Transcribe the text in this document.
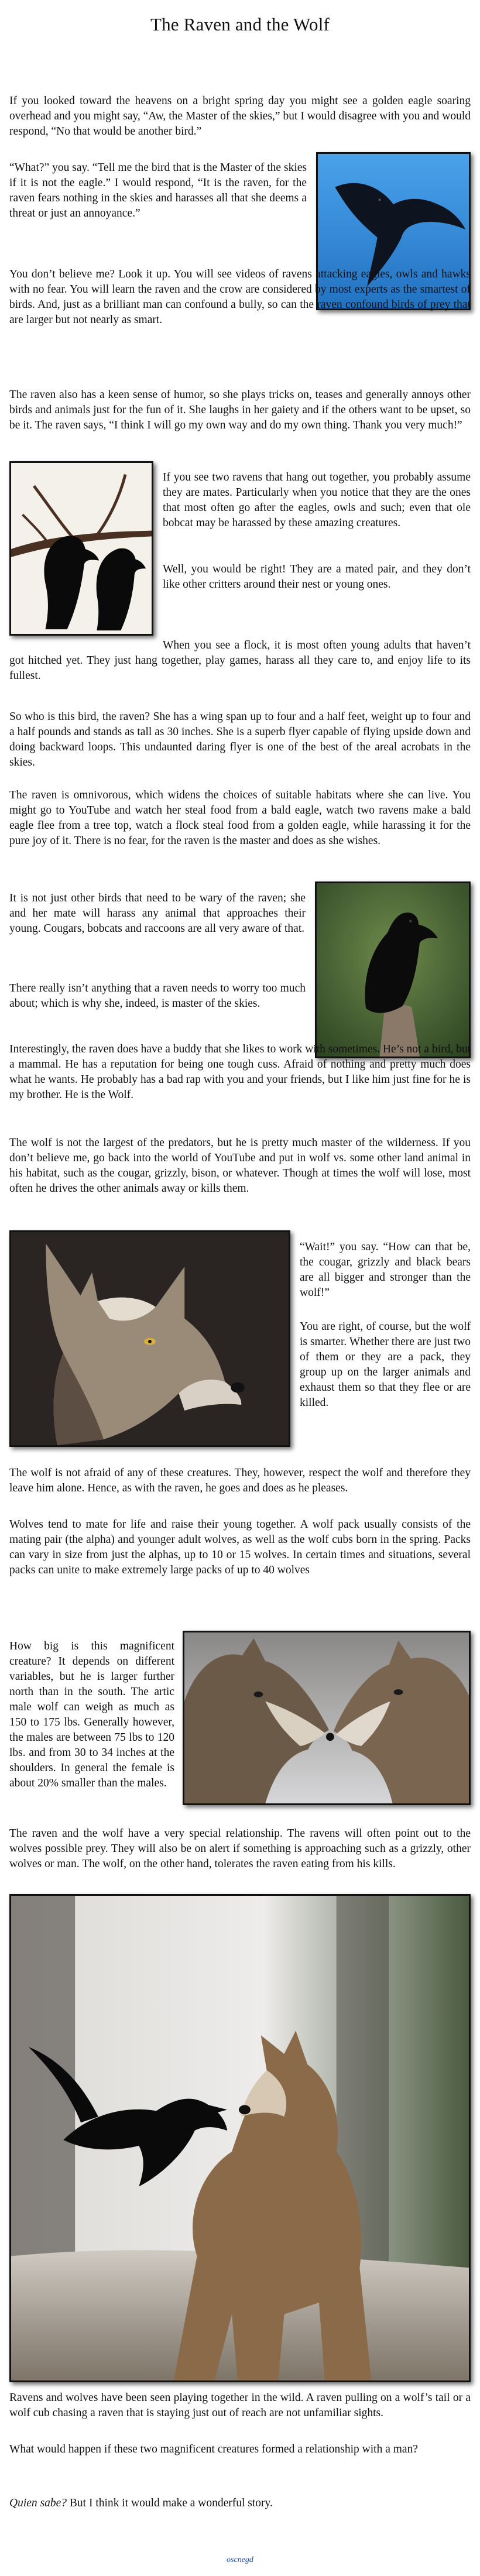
The Raven and the Wolf

If you looked toward the heavens on a bright spring day you might see a golden eagle soaring overhead and you might say, “Aw, the Master of the skies,” but I would disagree with you and would respond, “No that would be another bird.”

“What?” you say. “Tell me the bird that is the Master of the skies if it is not the eagle.” I would respond, “It is the raven, for the raven fears nothing in the skies and harasses all that she deems a threat or just an annoyance.”

You don’t believe me? Look it up. You will see videos of ravens attacking eagles, owls and hawks with no fear. You will learn the raven and the crow are considered by most experts as the smartest of birds. And, just as a brilliant man can confound a bully, so can the raven confound birds of prey that are larger but not nearly as smart.

The raven also has a keen sense of humor, so she plays tricks on, teases and generally annoys other birds and animals just for the fun of it. She laughs in her gaiety and if the others want to be upset, so be it. The raven says, “I think I will go my own way and do my own thing. Thank you very much!”

If you see two ravens that hang out together, you probably assume they are mates. Particularly when you notice that they are the ones that most often go after the eagles, owls and such; even that ole bobcat may be harassed by these amazing creatures.

Well, you would be right! They are a mated pair, and they don’t like other critters around their nest or young ones.

When you see a flock, it is most often young adults that haven’t got hitched yet. They just hang together, play games, harass all they care to, and enjoy life to its fullest.

So who is this bird, the raven? She has a wing span up to four and a half feet, weight up to four and a half pounds and stands as tall as 30 inches. She is a superb flyer capable of flying upside down and doing backward loops. This undaunted daring flyer is one of the best of the areal acrobats in the skies.

The raven is omnivorous, which widens the choices of suitable habitats where she can live. You might go to YouTube and watch her steal food from a bald eagle, watch two ravens make a bald eagle flee from a tree top, watch a flock steal food from a golden eagle, while harassing it for the pure joy of it. There is no fear, for the raven is the master and does as she wishes.

It is not just other birds that need to be wary of the raven; she and her mate will harass any animal that approaches their young. Cougars, bobcats and raccoons are all very aware of that.

There really isn’t anything that a raven needs to worry too much about; which is why she, indeed, is master of the skies.

Interestingly, the raven does have a buddy that she likes to work with sometimes. He’s not a bird, but a mammal. He has a reputation for being one tough cuss. Afraid of nothing and pretty much does what he wants. He probably has a bad rap with you and your friends, but I like him just fine for he is my brother. He is the Wolf.

The wolf is not the largest of the predators, but he is pretty much master of the wilderness. If you don’t believe me, go back into the world of YouTube and put in wolf vs. some other land animal in his habitat, such as the cougar, grizzly, bison, or whatever. Though at times the wolf will lose, most often he drives the other animals away or kills them.

“Wait!” you say. “How can that be, the cougar, grizzly and black bears are all bigger and stronger than the wolf!”

You are right, of course, but the wolf is smarter. Whether there are just two of them or they are a pack, they group up on the larger animals and exhaust them so that they flee or are killed.

The wolf is not afraid of any of these creatures. They, however, respect the wolf and therefore they leave him alone. Hence, as with the raven, he goes and does as he pleases.

Wolves tend to mate for life and raise their young together. A wolf pack usually consists of the mating pair (the alpha) and younger adult wolves, as well as the wolf cubs born in the spring. Packs can vary in size from just the alphas, up to 10 or 15 wolves. In certain times and situations, several packs can unite to make extremely large packs of up to 40 wolves

How big is this magnificent creature? It depends on different variables, but he is larger further north than in the south. The artic male wolf can weigh as much as 150 to 175 lbs. Generally however, the males are between 75 lbs to 120 lbs. and from 30 to 34 inches at the shoulders. In general the female is about 20% smaller than the males.

The raven and the wolf have a very special relationship. The ravens will often point out to the wolves possible prey. They will also be on alert if something is approaching such as a grizzly, other wolves or man. The wolf, on the other hand, tolerates the raven eating from his kills.

Ravens and wolves have been seen playing together in the wild. A raven pulling on a wolf’s tail or a wolf cub chasing a raven that is staying just out of reach are not unfamiliar sights.

What would happen if these two magnificent creatures formed a relationship with a man?

Quien sabe? But I think it would make a wonderful story.

oscnegd
